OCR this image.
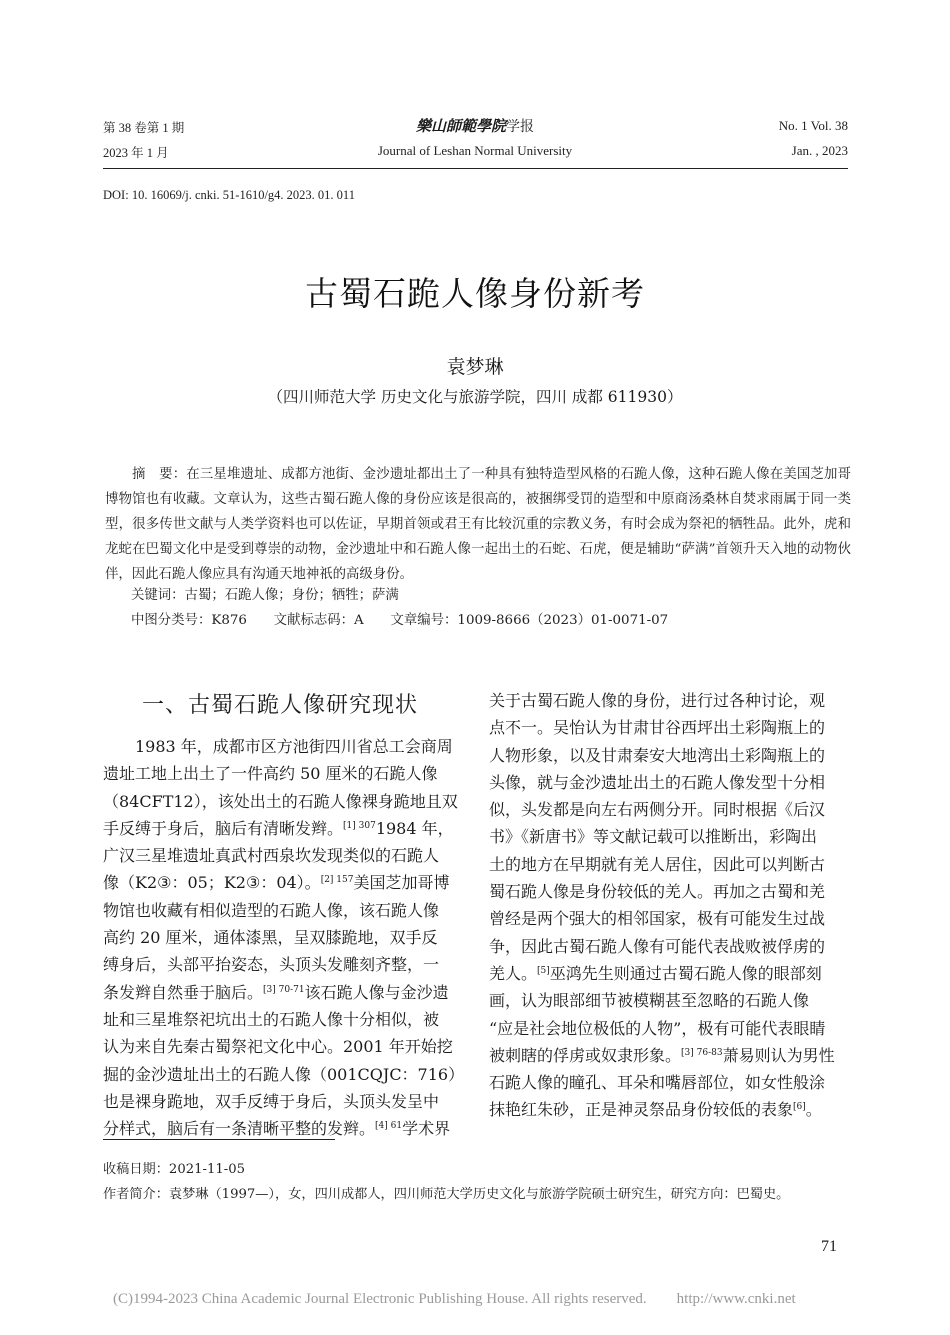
第 38 卷第 1 期
2023 年 1 月
樂山師範學院学报
Journal of Leshan Normal University
No. 1 Vol. 38
Jan. , 2023
DOI: 10. 16069/j. cnki. 51-1610/g4. 2023. 01. 011
古蜀石跪人像身份新考
袁梦琳
（四川师范大学 历史文化与旅游学院，四川 成都 611930）
摘　要：在三星堆遗址、成都方池街、金沙遗址都出土了一种具有独特造型风格的石跪人像，这种石跪人像在美国芝加哥博物馆也有收藏。文章认为，这些古蜀石跪人像的身份应该是很高的，被捆绑受罚的造型和中原商汤桑林自焚求雨属于同一类型，很多传世文献与人类学资料也可以佐证，早期首领或君王有比较沉重的宗教义务，有时会成为祭祀的牺牲品。此外，虎和龙蛇在巴蜀文化中是受到尊崇的动物，金沙遗址中和石跪人像一起出土的石蛇、石虎，便是辅助“萨满”首领升天入地的动物伙伴，因此石跪人像应具有沟通天地神祇的高级身份。
关键词：古蜀；石跪人像；身份；牺牲；萨满
中图分类号：K876　　文献标志码：A　　文章编号：1009-8666（2023）01-0071-07
一、古蜀石跪人像研究现状
　　1983 年，成都市区方池街四川省总工会商周
遗址工地上出土了一件高约 50 厘米的石跪人像
（84CFT12），该处出土的石跪人像裸身跪地且双
手反缚于身后，脑后有清晰发辫。$^{[1] 307}$1984 年，
广汉三星堆遗址真武村西泉坎发现类似的石跪人
像（K2③：05；K2③：04）。$^{[2] 157}$美国芝加哥博
物馆也收藏有相似造型的石跪人像，该石跪人像
高约 20 厘米，通体漆黑，呈双膝跪地，双手反
缚身后，头部平抬姿态，头顶头发雕刻齐整，一
条发辫自然垂于脑后。$^{[3] 70-71}$该石跪人像与金沙遗
址和三星堆祭祀坑出土的石跪人像十分相似，被
认为来自先秦古蜀祭祀文化中心。2001 年开始挖
掘的金沙遗址出土的石跪人像（001CQJC：716）
也是裸身跪地，双手反缚于身后，头顶头发呈中
分样式，脑后有一条清晰平整的发辫。$^{[4] 61}$学术界
关于古蜀石跪人像的身份，进行过各种讨论，观
点不一。吴怡认为甘肃甘谷西坪出土彩陶瓶上的
人物形象，以及甘肃秦安大地湾出土彩陶瓶上的
头像，就与金沙遗址出土的石跪人像发型十分相
似，头发都是向左右两侧分开。同时根据《后汉
书》《新唐书》等文献记载可以推断出，彩陶出
土的地方在早期就有羌人居住，因此可以判断古
蜀石跪人像是身份较低的羌人。再加之古蜀和羌
曾经是两个强大的相邻国家，极有可能发生过战
争，因此古蜀石跪人像有可能代表战败被俘虏的
羌人。[5]巫鸿先生则通过古蜀石跪人像的眼部刻
画，认为眼部细节被模糊甚至忽略的石跪人像
“应是社会地位极低的人物”，极有可能代表眼睛
被刺瞎的俘虏或奴隶形象。$^{[3] 76-83}$萧易则认为男性
石跪人像的瞳孔、耳朵和嘴唇部位，如女性般涂
抹艳红朱砂，正是神灵祭品身份较低的表象[6]。
收稿日期：2021-11-05
作者简介：袁梦琳（1997—），女，四川成都人，四川师范大学历史文化与旅游学院硕士研究生，研究方向：巴蜀史。
71
(C)1994-2023 China Academic Journal Electronic Publishing House. All rights reserved.　　http://www.cnki.net
